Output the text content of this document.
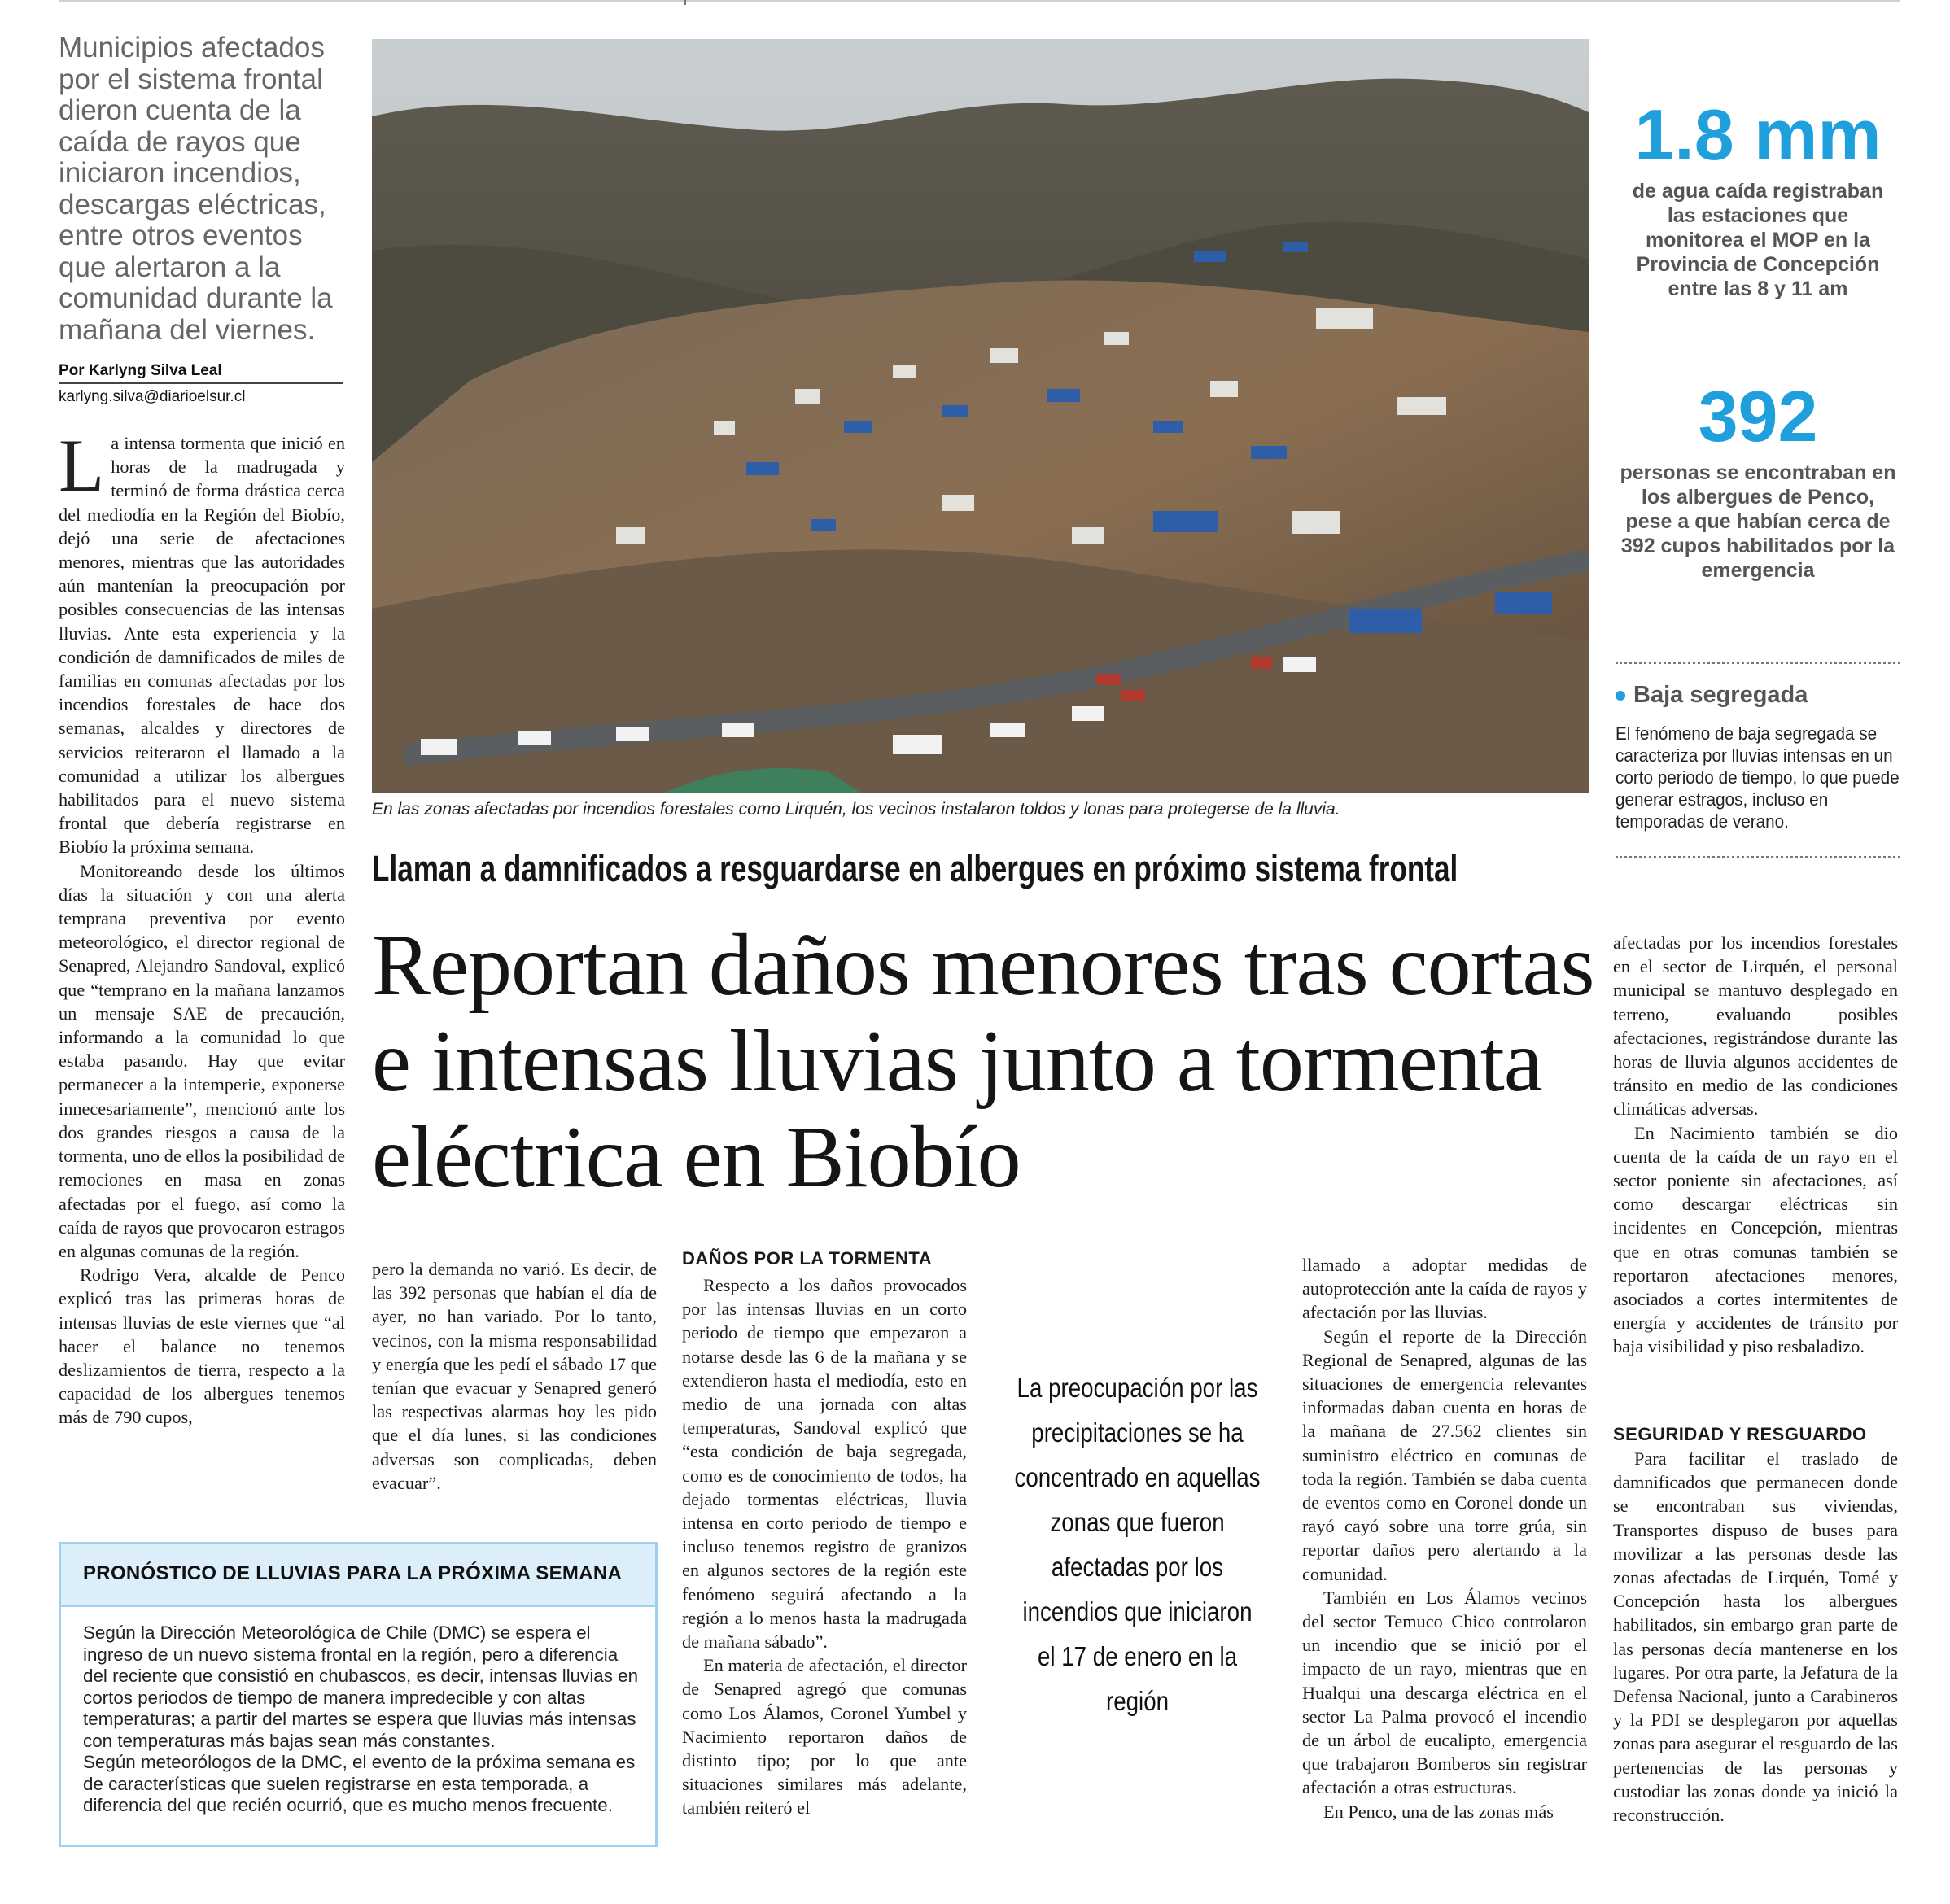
Municipios afectados por el sistema frontal dieron cuenta de la caída de rayos que iniciaron incendios, descargas eléctricas, entre otros eventos que alertaron a la comunidad durante la mañana del viernes.
Por Karlyng Silva Leal
karlyng.silva@diarioelsur.cl

La intensa tormenta que inició en horas de la madrugada y terminó de forma drástica cerca del mediodía en la Región del Biobío, dejó una serie de afectaciones menores, mientras que las autoridades aún mantenían la preocupación por posibles consecuencias de las intensas lluvias. Ante esta experiencia y la condición de damnificados de miles de familias en comunas afectadas por los incendios forestales de hace dos semanas, alcaldes y directores de servicios reiteraron el llamado a la comunidad a utilizar los albergues habilitados para el nuevo sistema frontal que debería registrarse en Biobío la próxima semana.

Monitoreando desde los últimos días la situación y con una alerta temprana preventiva por evento meteorológico, el director regional de Senapred, Alejandro Sandoval, explicó que “temprano en la mañana lanzamos un mensaje SAE de precaución, informando a la comunidad lo que estaba pasando. Hay que evitar permanecer a la intemperie, exponerse innecesariamente”, mencionó ante los dos grandes riesgos a causa de la tormenta, uno de ellos la posibilidad de remociones en masa en zonas afectadas por el fuego, así como la caída de rayos que provocaron estragos en algunas comunas de la región.

Rodrigo Vera, alcalde de Penco explicó tras las primeras horas de intensas lluvias de este viernes que “al hacer el balance no tenemos deslizamientos de tierra, respecto a la capacidad de los albergues tenemos más de 790 cupos,

En las zonas afectadas por incendios forestales como Lirquén, los vecinos instalaron toldos y lonas para protegerse de la lluvia.
Llaman a damnificados a resguardarse en albergues en próximo sistema frontal
Reportan daños menores tras cortas e intensas lluvias junto a tormenta eléctrica en Biobío
1.8 mm
de agua caída registraban las estaciones que monitorea el MOP en la Provincia de Concepción entre las 8 y 11 am
392
personas se encontraban en los albergues de Penco, pese a que habían cerca de 392 cupos habilitados por la emergencia
Baja segregada
El fenómeno de baja segregada se caracteriza por lluvias intensas en un corto periodo de tiempo, lo que puede generar estragos, incluso en temporadas de verano.

pero la demanda no varió. Es decir, de las 392 personas que habían el día de ayer, no han variado. Por lo tanto, vecinos, con la misma responsabilidad y energía que les pedí el sábado 17 que tenían que evacuar y Senapred generó las respectivas alarmas hoy les pido que el día lunes, si las condiciones adversas son complicadas, deben evacuar”.

DAÑOS POR LA TORMENTA

Respecto a los daños provocados por las intensas lluvias en un corto periodo de tiempo que empezaron a notarse desde las 6 de la mañana y se extendieron hasta el mediodía, esto en medio de una jornada con altas temperaturas, Sandoval explicó que “esta condición de baja segregada, como es de conocimiento de todos, ha dejado tormentas eléctricas, lluvia intensa en corto periodo de tiempo e incluso tenemos registro de granizos en algunos sectores de la región este fenómeno seguirá afectando a la región a lo menos hasta la madrugada de mañana sábado”.

En materia de afectación, el director de Senapred agregó que comunas como Los Álamos, Coronel Yumbel y Nacimiento reportaron daños de distinto tipo; por lo que ante situaciones similares más adelante, también reiteró el

La preocupación por las precipitaciones se ha concentrado en aquellas zonas que fueron afectadas por los incendios que iniciaron el 17 de enero en la región

llamado a adoptar medidas de autoprotección ante la caída de rayos y afectación por las lluvias.

Según el reporte de la Dirección Regional de Senapred, algunas de las situaciones de emergencia relevantes informadas daban cuenta en horas de la mañana de 27.562 clientes sin suministro eléctrico en comunas de toda la región. También se daba cuenta de eventos como en Coronel donde un rayó cayó sobre una torre grúa, sin reportar daños pero alertando a la comunidad.

También en Los Álamos vecinos del sector Temuco Chico controlaron un incendio que se inició por el impacto de un rayo, mientras que en Hualqui una descarga eléctrica en el sector La Palma provocó el incendio de un árbol de eucalipto, emergencia que trabajaron Bomberos sin registrar afectación a otras estructuras.

En Penco, una de las zonas más

afectadas por los incendios forestales en el sector de Lirquén, el personal municipal se mantuvo desplegado en terreno, evaluando posibles afectaciones, registrándose durante las horas de lluvia algunos accidentes de tránsito en medio de las condiciones climáticas adversas.

En Nacimiento también se dio cuenta de la caída de un rayo en el sector poniente sin afectaciones, así como descargar eléctricas sin incidentes en Concepción, mientras que en otras comunas también se reportaron afectaciones menores, asociados a cortes intermitentes de energía y accidentes de tránsito por baja visibilidad y piso resbaladizo.

SEGURIDAD Y RESGUARDO

Para facilitar el traslado de damnificados que permanecen donde se encontraban sus viviendas, Transportes dispuso de buses para movilizar a las personas desde las zonas afectadas de Lirquén, Tomé y Concepción hasta los albergues habilitados, sin embargo gran parte de las personas decía mantenerse en los lugares. Por otra parte, la Jefatura de la Defensa Nacional, junto a Carabineros y la PDI se desplegaron por aquellas zonas para asegurar el resguardo de las pertenencias de las personas y custodiar las zonas donde ya inició la reconstrucción.

PRONÓSTICO DE LLUVIAS PARA LA PRÓXIMA SEMANA

Según la Dirección Meteorológica de Chile (DMC) se espera el ingreso de un nuevo sistema frontal en la región, pero a diferencia del reciente que consistió en chubascos, es decir, intensas lluvias en cortos periodos de tiempo de manera impredecible y con altas temperaturas; a partir del martes se espera que lluvias más intensas con temperaturas más bajas sean más constantes.

Según meteorólogos de la DMC, el evento de la próxima semana es de características que suelen registrarse en esta temporada, a diferencia del que recién ocurrió, que es mucho menos frecuente.
